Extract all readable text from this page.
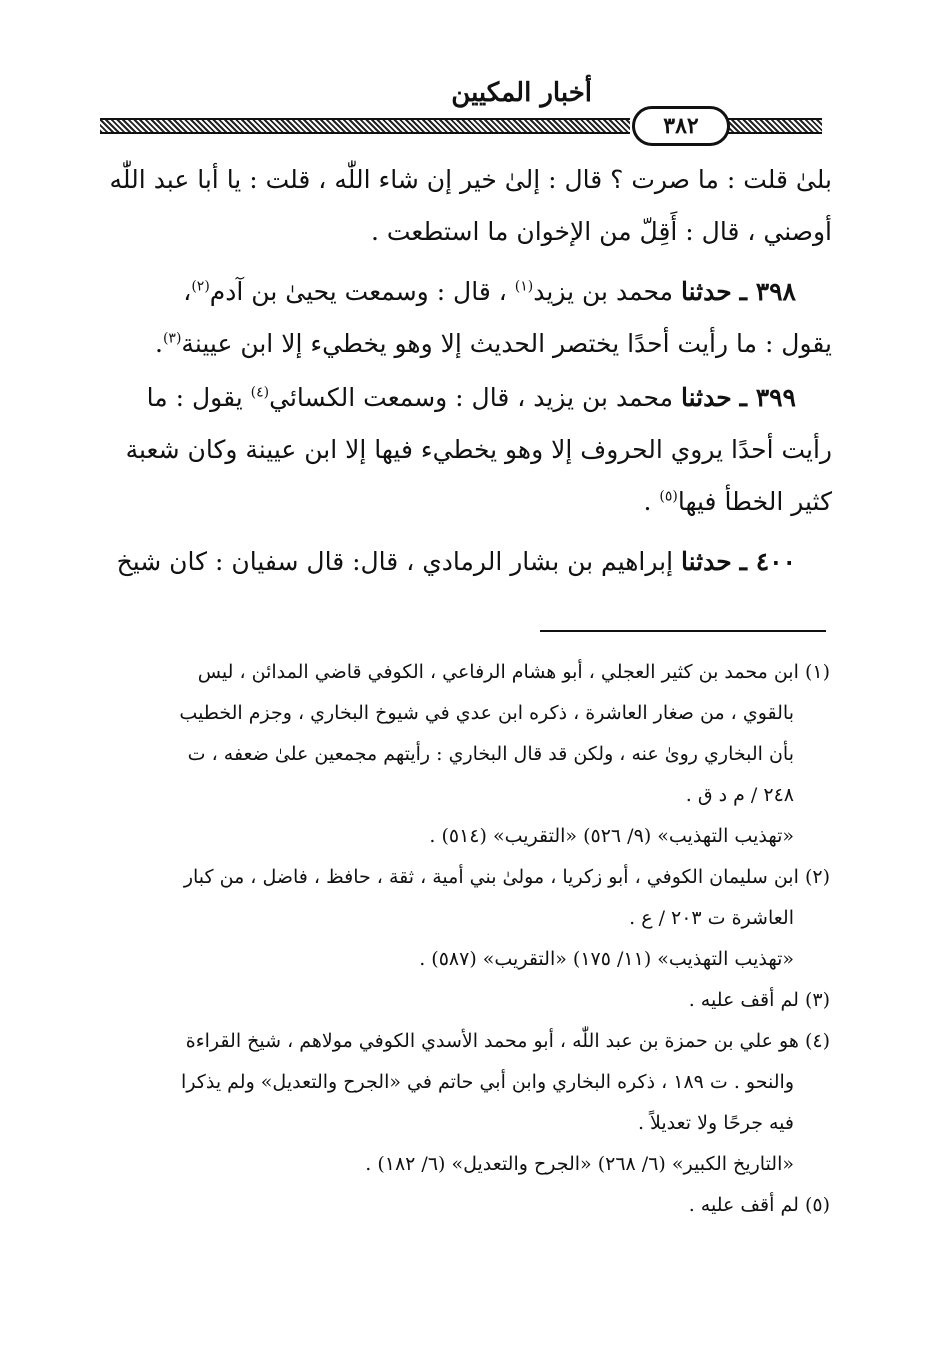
أخبار المكيين
٣٨٢

بلىٰ قلت : ما صرت ؟ قال : إلىٰ خير إن شاء اللّٰه ، قلت : يا أبا عبد اللّٰه

أوصني ، قال : أَقِلّ من الإخوان ما استطعت .

٣٩٨ ـ حدثنا محمد بن يزيد$^{(١)}$ ، قال : وسمعت يحيىٰ بن آدم$^{(٢)}$،

يقول : ما رأيت أحدًا يختصر الحديث إلا وهو يخطيء إلا ابن عيينة$^{(٣)}$.

٣٩٩ ـ حدثنا محمد بن يزيد ، قال : وسمعت الكسائي$^{(٤)}$ يقول : ما

رأيت أحدًا يروي الحروف إلا وهو يخطيء فيها إلا ابن عيينة وكان شعبة

كثير الخطأ فيها$^{(٥)}$ .

٤٠٠ ـ حدثنا إبراهيم بن بشار الرمادي ، قال: قال سفيان : كان شيخ

(١) ابن محمد بن كثير العجلي ، أبو هشام الرفاعي ، الكوفي قاضي المدائن ، ليس
بالقوي ، من صغار العاشرة ، ذكره ابن عدي في شيوخ البخاري ، وجزم الخطيب
بأن البخاري روىٰ عنه ، ولكن قد قال البخاري : رأيتهم مجمعين علىٰ ضعفه ، ت
٢٤٨ / م د ق .
«تهذيب التهذيب» (٩/ ٥٢٦) «التقريب» (٥١٤) .
(٢) ابن سليمان الكوفي ، أبو زكريا ، مولىٰ بني أمية ، ثقة ، حافظ ، فاضل ، من كبار
العاشرة ت ٢٠٣ / ع .
«تهذيب التهذيب» (١١/ ١٧٥) «التقريب» (٥٨٧) .
(٣) لم أقف عليه .
(٤) هو علي بن حمزة بن عبد اللّٰه ، أبو محمد الأسدي الكوفي مولاهم ، شيخ القراءة
والنحو . ت ١٨٩ ، ذكره البخاري وابن أبي حاتم في «الجرح والتعديل» ولم يذكرا
فيه جرحًا ولا تعديلاً .
«التاريخ الكبير» (٦/ ٢٦٨) «الجرح والتعديل» (٦/ ١٨٢) .
(٥) لم أقف عليه .
